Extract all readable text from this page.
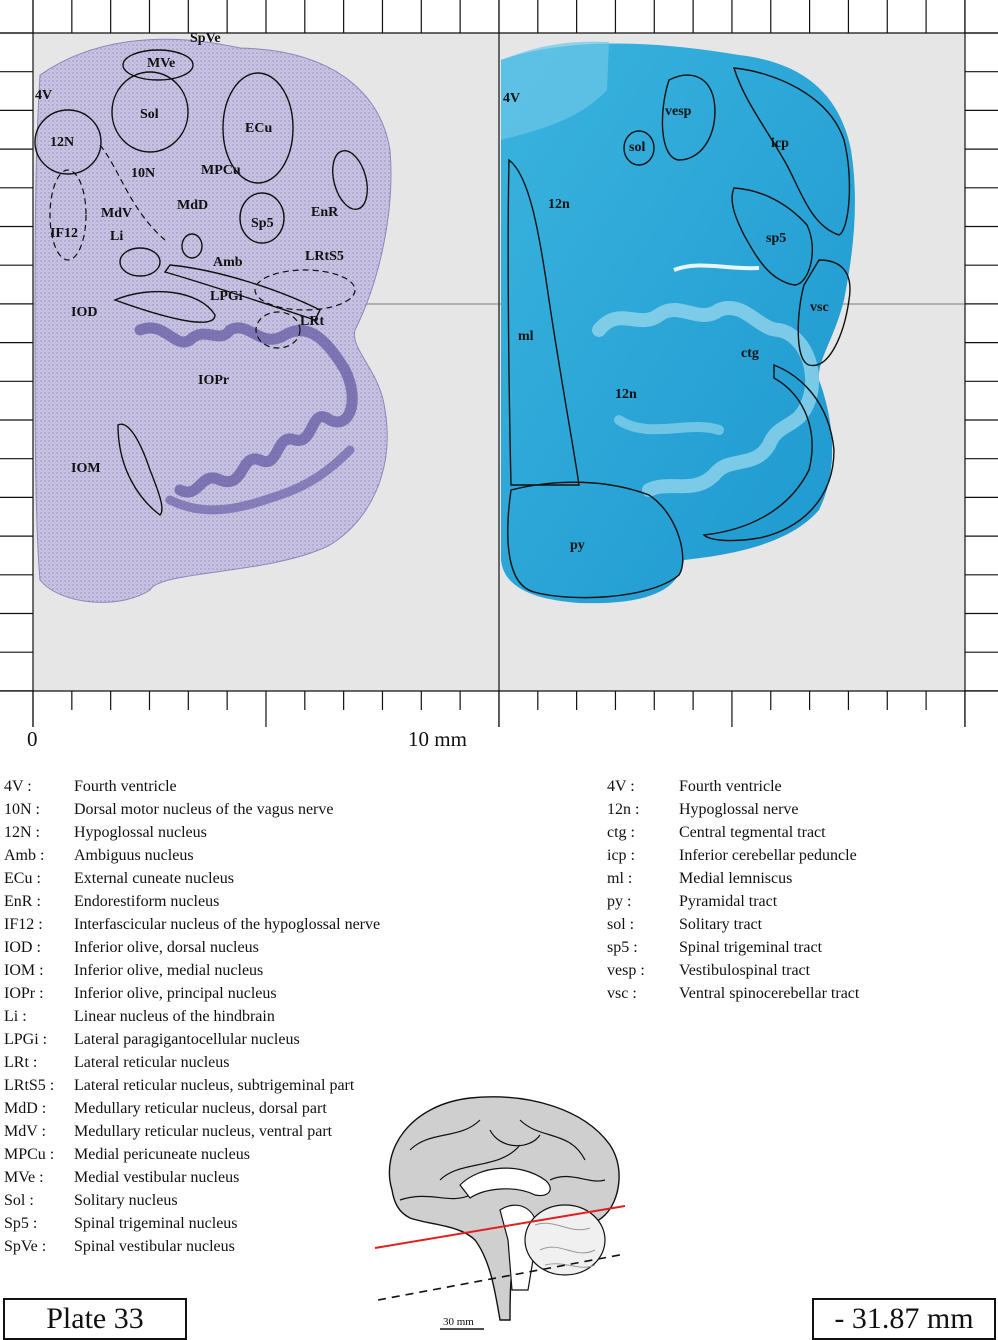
SpVe
MVe
4V
Sol
ECu
12N
10N	MPCu
MdV
MdD	EnR
IF12 Li
Sp5
Amb	LRtS5
LPGi
IOD
LRt
IOPr
IOM
4V
vesp
sol	icp
12n
sp5
vsc
ml
ctg
12n
py
0	10 mm
4V :	Fourth ventricle
10N :	Dorsal motor nucleus of the vagus nerve
12N :	Hypoglossal nucleus
Amb :	Ambiguus nucleus
ECu :	External cuneate nucleus
EnR :	Endorestiform nucleus
IF12 :	Interfascicular nucleus of the hypoglossal nerve
IOD :	Inferior olive, dorsal nucleus
IOM :	Inferior olive, medial nucleus
IOPr :	Inferior olive, principal nucleus
Li :	Linear nucleus of the hindbrain
LPGi :	Lateral paragigantocellular nucleus
LRt :	Lateral reticular nucleus
LRtS5 :	Lateral reticular nucleus, subtrigeminal part
MdD :	Medullary reticular nucleus, dorsal part
MdV :	Medullary reticular nucleus, ventral part
MPCu :	Medial pericuneate nucleus
MVe :	Medial vestibular nucleus
Sol :	Solitary nucleus
Sp5 :	Spinal trigeminal nucleus
SpVe :	Spinal vestibular nucleus
4V :	Fourth ventricle
12n :	Hypoglossal nerve
ctg :	Central tegmental tract
icp :	Inferior cerebellar peduncle
ml :	Medial lemniscus
py :	Pyramidal tract
sol :	Solitary tract
sp5 :	Spinal trigeminal tract
vesp :	Vestibulospinal tract
vsc :	Ventral spinocerebellar tract
30 mm
Plate 33	- 31.87 mm
